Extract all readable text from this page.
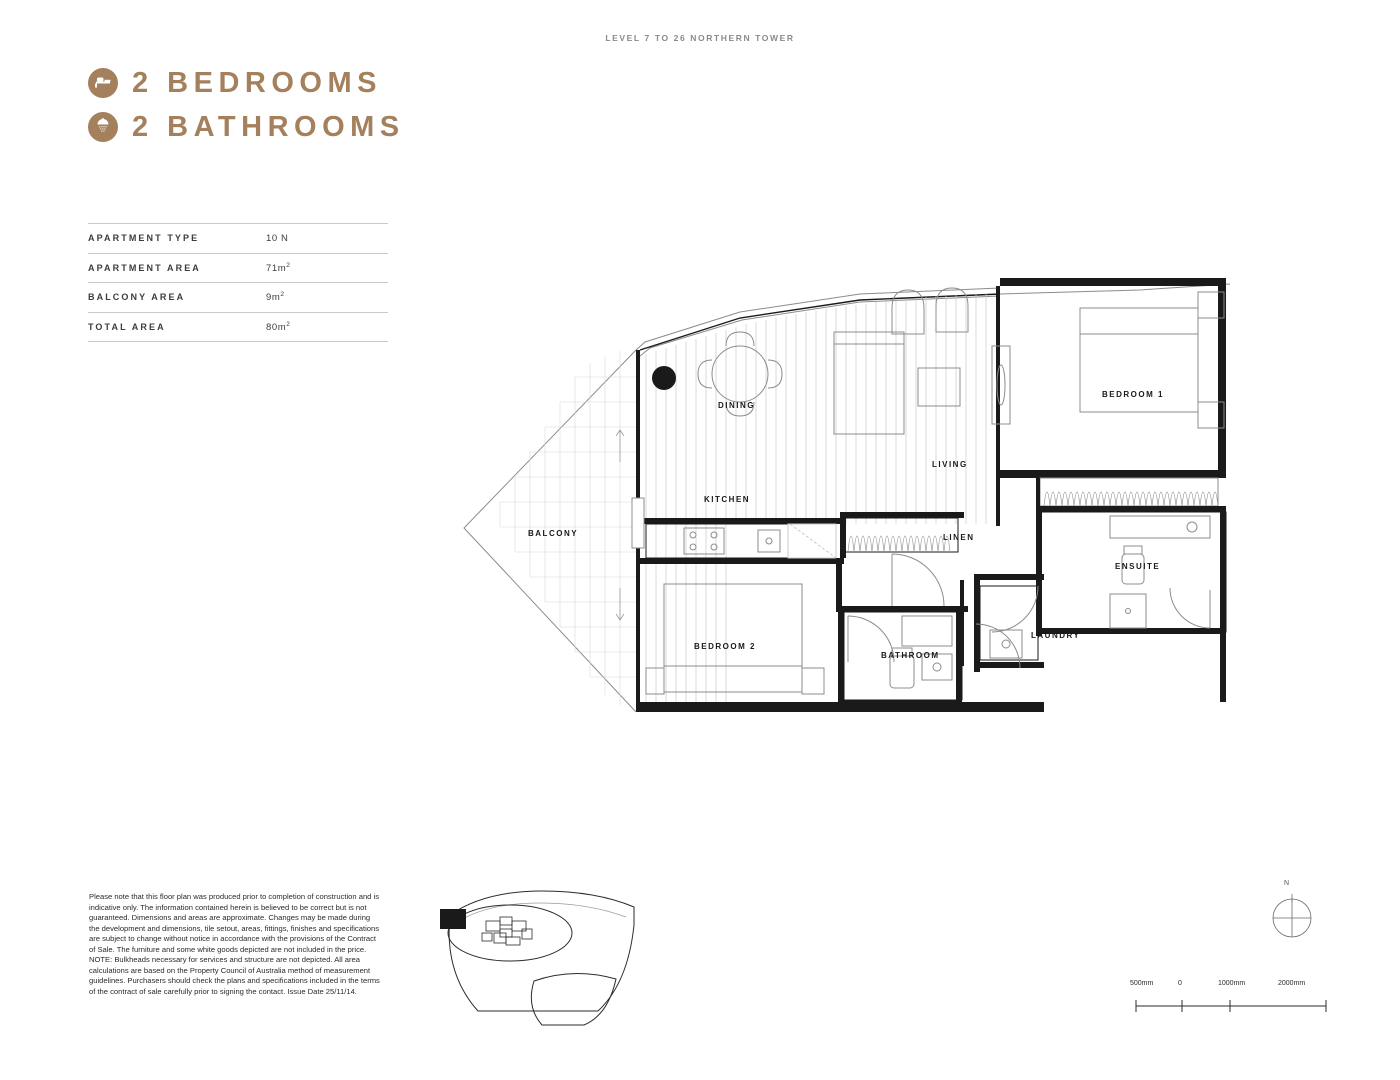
LEVEL 7 TO 26 NORTHERN TOWER
2 BEDROOMS
2 BATHROOMS
APARTMENT TYPE	10 N
APARTMENT AREA	$71m^2$
BALCONY AREA	$9m^2$
TOTAL AREA	$80m^2$
BALCONY
DINING
KITCHEN
LIVING
BEDROOM 1
BEDROOM 2
LINEN
ENSUITE
LAUNDRY
BATHROOM
Please note that this floor plan was produced prior to completion of construction and is indicative only. The information contained herein is believed to be correct but is not guaranteed. Dimensions and areas are approximate. Changes may be made during the development and dimensions, tile setout, areas, fittings, finishes and specifications are subject to change without notice in accordance with the provisions of the Contract of Sale. The furniture and some white goods depicted are not included in the price. NOTE: Bulkheads necessary for services and structure are not depicted. All area calculations are based on the Property Council of Australia method of measurement guidelines. Purchasers should check the plans and specifications included in the terms of the contract of sale carefully prior to signing the contact. Issue Date 25/11/14.
N
500mm	0	1000mm	2000mm
